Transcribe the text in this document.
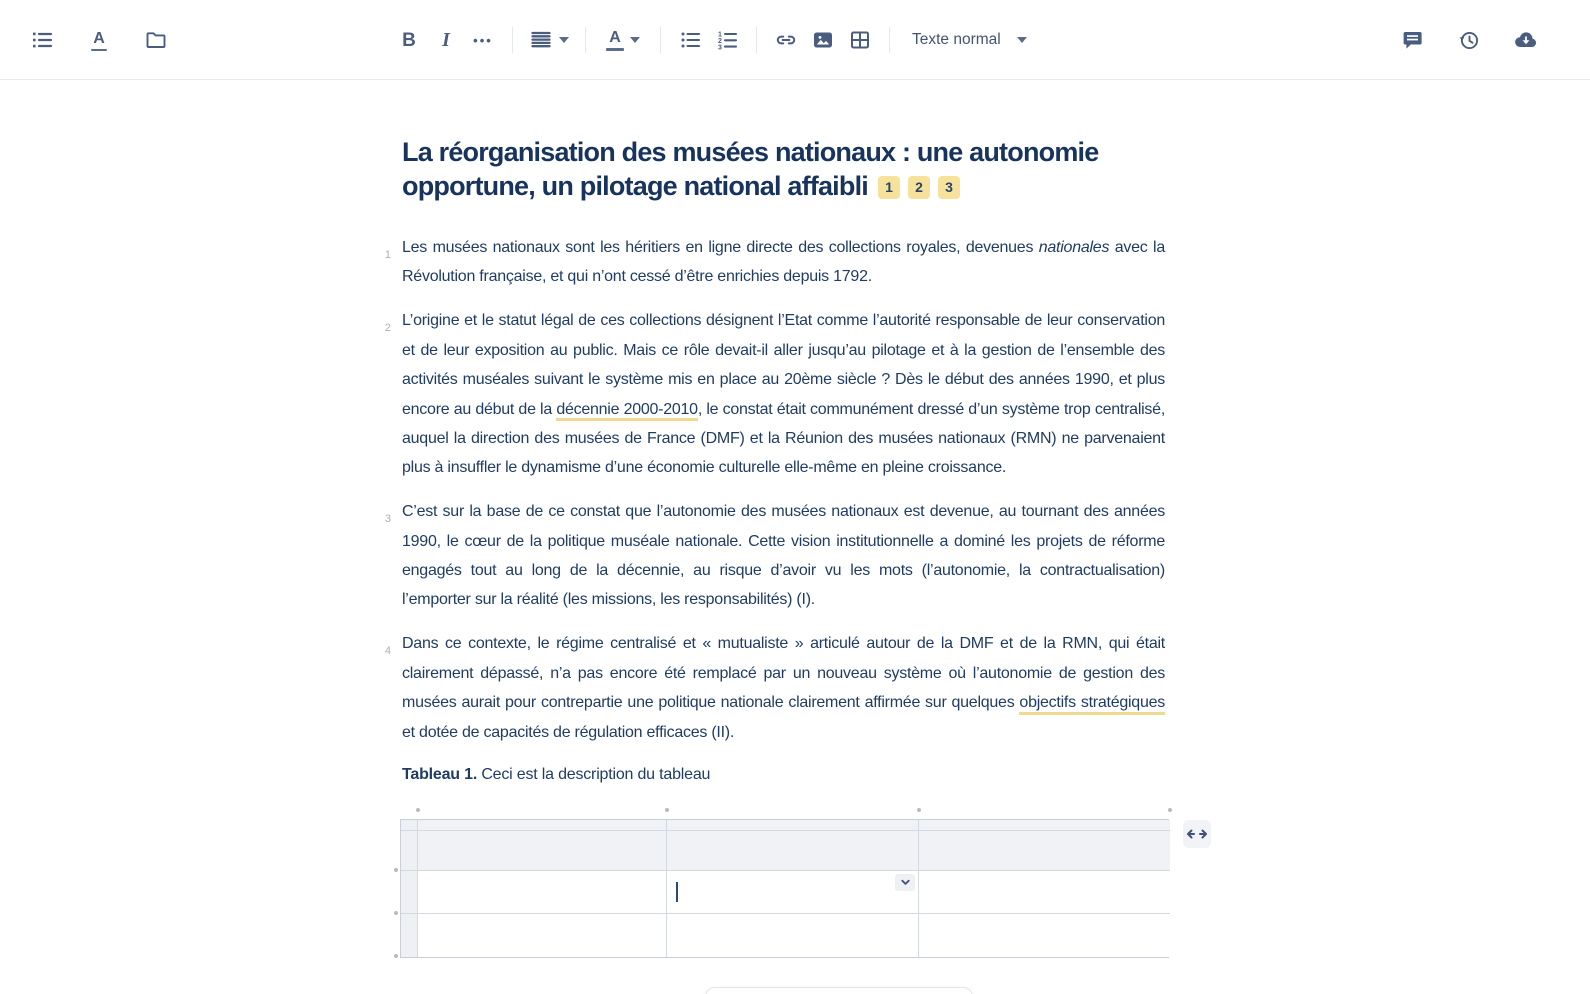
A	B I •••	A	1
2
3	Texte normal
La réorganisation des musées nationaux : une autonomie opportune, un pilotage national affaibli	1	2	3
1 Les musées nationaux sont les héritiers en ligne directe des collections royales, devenues nationales avec la Révolution française, et qui n’ont cessé d’être enrichies depuis 1792.
2 L’origine et le statut légal de ces collections désignent l’Etat comme l’autorité responsable de leur conservation et de leur exposition au public. Mais ce rôle devait-il aller jusqu’au pilotage et à la gestion de l’ensemble des activités muséales suivant le système mis en place au 20ème siècle ? Dès le début des années 1990, et plus encore au début de la décennie 2000-2010, le constat était communément dressé d’un système trop centralisé, auquel la direction des musées de France (DMF) et la Réunion des musées nationaux (RMN) ne parvenaient plus à insuffler le dynamisme d’une économie culturelle elle-même en pleine croissance.
3 C’est sur la base de ce constat que l’autonomie des musées nationaux est devenue, au tournant des années 1990, le cœur de la politique muséale nationale. Cette vision institutionnelle a dominé les projets de réforme engagés tout au long de la décennie, au risque d’avoir vu les mots (l’autonomie, la contractualisation) l’emporter sur la réalité (les missions, les responsabilités) (I).
4 Dans ce contexte, le régime centralisé et « mutualiste » articulé autour de la DMF et de la RMN, qui était clairement dépassé, n’a pas encore été remplacé par un nouveau système où l’autonomie de gestion des musées aurait pour contrepartie une politique nationale clairement affirmée sur quelques objectifs stratégiques et dotée de capacités de régulation efficaces (II).

Tableau 1. Ceci est la description du tableau
